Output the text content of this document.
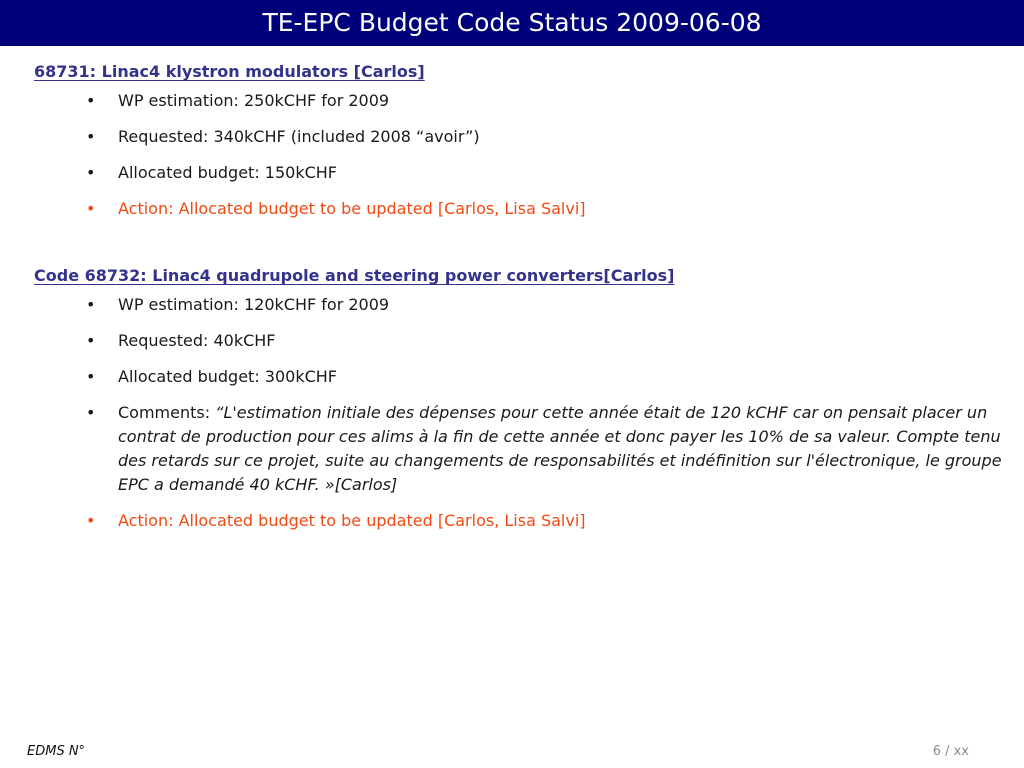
TE-EPC Budget Code Status 2009-06-08
68731: Linac4 klystron modulators [Carlos]
• WP estimation: 250kCHF for 2009
• Requested: 340kCHF (included 2008 “avoir”)
• Allocated budget: 150kCHF
• Action: Allocated budget to be updated [Carlos, Lisa Salvi]
Code 68732: Linac4 quadrupole and steering power converters[Carlos]
• WP estimation: 120kCHF for 2009
• Requested: 40kCHF
• Allocated budget: 300kCHF
• Comments: “L'estimation initiale des dépenses pour cette année était de 120 kCHF car on pensait placer un contrat de production pour ces alims à la fin de cette année et donc payer les 10% de sa valeur. Compte tenu des retards sur ce projet, suite au changements de responsabilités et indéfinition sur l'électronique, le groupe EPC a demandé 40 kCHF. »[Carlos]
• Action: Allocated budget to be updated [Carlos, Lisa Salvi]
EDMS N°	6 / xx
